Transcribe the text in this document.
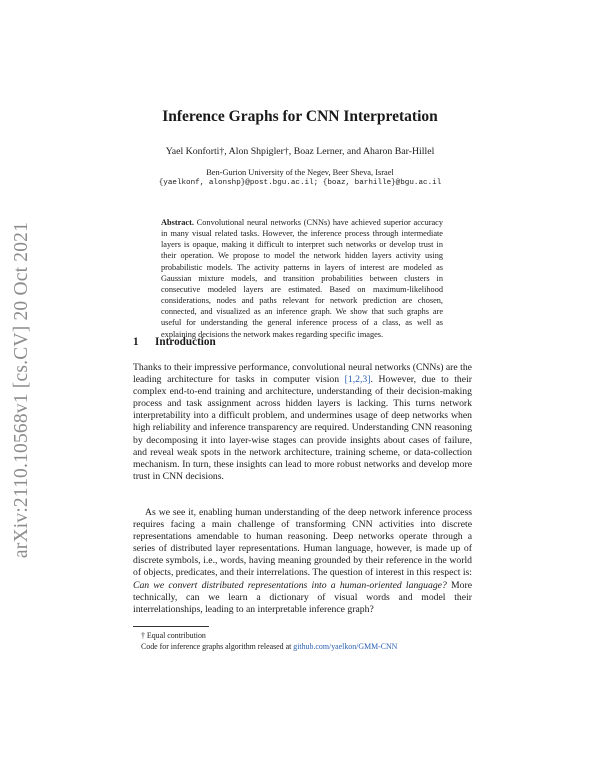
arXiv:2110.10568v1 [cs.CV] 20 Oct 2021
Inference Graphs for CNN Interpretation
Yael Konforti†, Alon Shpigler†, Boaz Lerner, and Aharon Bar-Hillel
Ben-Gurion University of the Negev, Beer Sheva, Israel
{yaelkonf, alonshp}@post.bgu.ac.il; {boaz, barhille}@bgu.ac.il

Abstract. Convolutional neural networks (CNNs) have achieved superior accuracy in many visual related tasks. However, the inference process through intermediate layers is opaque, making it difficult to interpret such networks or develop trust in their operation. We propose to model the network hidden layers activity using probabilistic models. The activity patterns in layers of interest are modeled as Gaussian mixture models, and transition probabilities between clusters in consecutive modeled layers are estimated. Based on maximum-likelihood considerations, nodes and paths relevant for network prediction are chosen, connected, and visualized as an inference graph. We show that such graphs are useful for understanding the general inference process of a class, as well as explaining decisions the network makes regarding specific images.

1 Introduction

Thanks to their impressive performance, convolutional neural networks (CNNs) are the leading architecture for tasks in computer vision [1,2,3]. However, due to their complex end-to-end training and architecture, understanding of their decision-making process and task assignment across hidden layers is lacking. This turns network interpretability into a difficult problem, and undermines usage of deep networks when high reliability and inference transparency are required. Understanding CNN reasoning by decomposing it into layer-wise stages can provide insights about cases of failure, and reveal weak spots in the network architecture, training scheme, or data-collection mechanism. In turn, these insights can lead to more robust networks and develop more trust in CNN decisions.

As we see it, enabling human understanding of the deep network inference process requires facing a main challenge of transforming CNN activities into discrete representations amendable to human reasoning. Deep networks operate through a series of distributed layer representations. Human language, however, is made up of discrete symbols, i.e., words, having meaning grounded by their reference in the world of objects, predicates, and their interrelations. The question of interest in this respect is: Can we convert distributed representations into a human-oriented language? More technically, can we learn a dictionary of visual words and model their interrelationships, leading to an interpretable inference graph?

† Equal contribution

Code for inference graphs algorithm released at github.com/yaelkon/GMM-CNN
